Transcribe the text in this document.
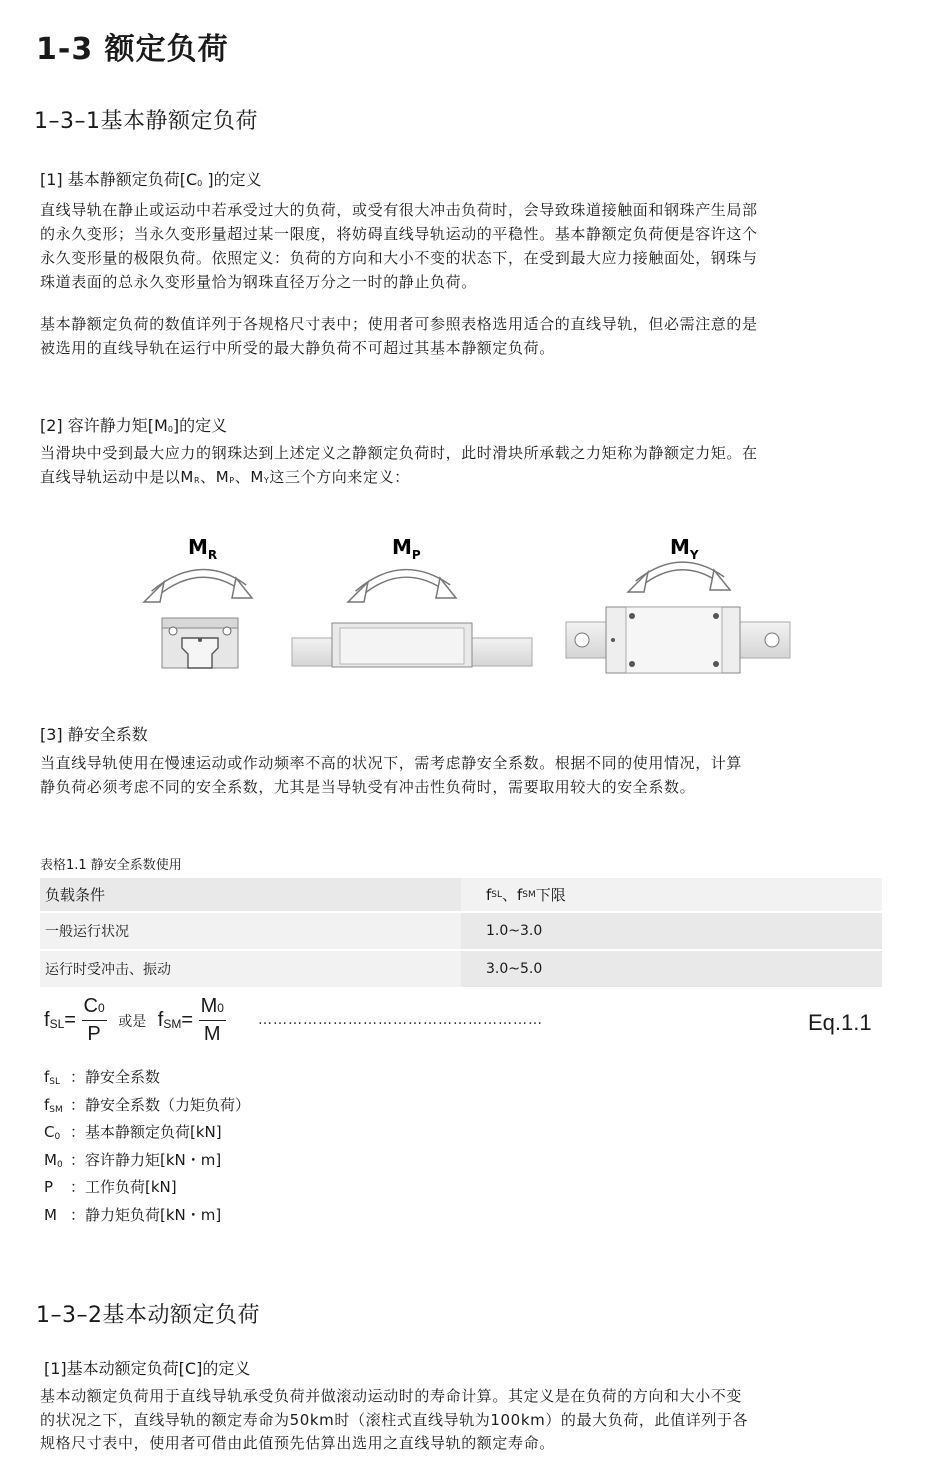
1-3 额定负荷
1–3–1基本静额定负荷
[1] 基本静额定负荷[C0 ]的定义
直线导轨在静止或运动中若承受过大的负荷，或受有很大冲击负荷时，会导致珠道接触面和钢珠产生局部
的永久变形；当永久变形量超过某一限度，将妨碍直线导轨运动的平稳性。基本静额定负荷便是容许这个
永久变形量的极限负荷。依照定义：负荷的方向和大小不变的状态下，在受到最大应力接触面处，钢珠与
珠道表面的总永久变形量恰为钢珠直径万分之一时的静止负荷。
基本静额定负荷的数值详列于各规格尺寸表中；使用者可参照表格选用适合的直线导轨，但必需注意的是
被选用的直线导轨在运行中所受的最大静负荷不可超过其基本静额定负荷。
[2] 容许静力矩[M0]的定义
当滑块中受到最大应力的钢珠达到上述定义之静额定负荷时，此时滑块所承载之力矩称为静额定力矩。在
直线导轨运动中是以MR、MP、MY这三个方向来定义：
$M_R$	$M_P$	$M_Y$
[3] 静安全系数
当直线导轨使用在慢速运动或作动频率不高的状况下，需考虑静安全系数。根据不同的使用情况，计算
静负荷必须考虑不同的安全系数，尤其是当导轨受有冲击性负荷时，需要取用较大的安全系数。
表格1.1 静安全系数使用
负载条件	f SL 、f SM 下限
一般运行状况	1.0~3.0
运行时受冲击、振动	3.0~5.0
$fSL= \frac{C0}{P}$ 或是 $fSM= \frac{M0}{M}$ …………………………………………………	Eq.1.1
$f_{SL}$ ：静安全系数
$f_{SM}$ ：静安全系数（力矩负荷）
$C_0$ ：基本静额定负荷[kN]
$M_0$ ：容许静力矩[kN・m]
P ：工作负荷[kN]
M ：静力矩负荷[kN・m]
1–3–2基本动额定负荷
[1]基本动额定负荷[C]的定义
基本动额定负荷用于直线导轨承受负荷并做滚动运动时的寿命计算。其定义是在负荷的方向和大小不变
的状况之下，直线导轨的额定寿命为50km时（滚柱式直线导轨为100km）的最大负荷，此值详列于各
规格尺寸表中，使用者可借由此值预先估算出选用之直线导轨的额定寿命。
